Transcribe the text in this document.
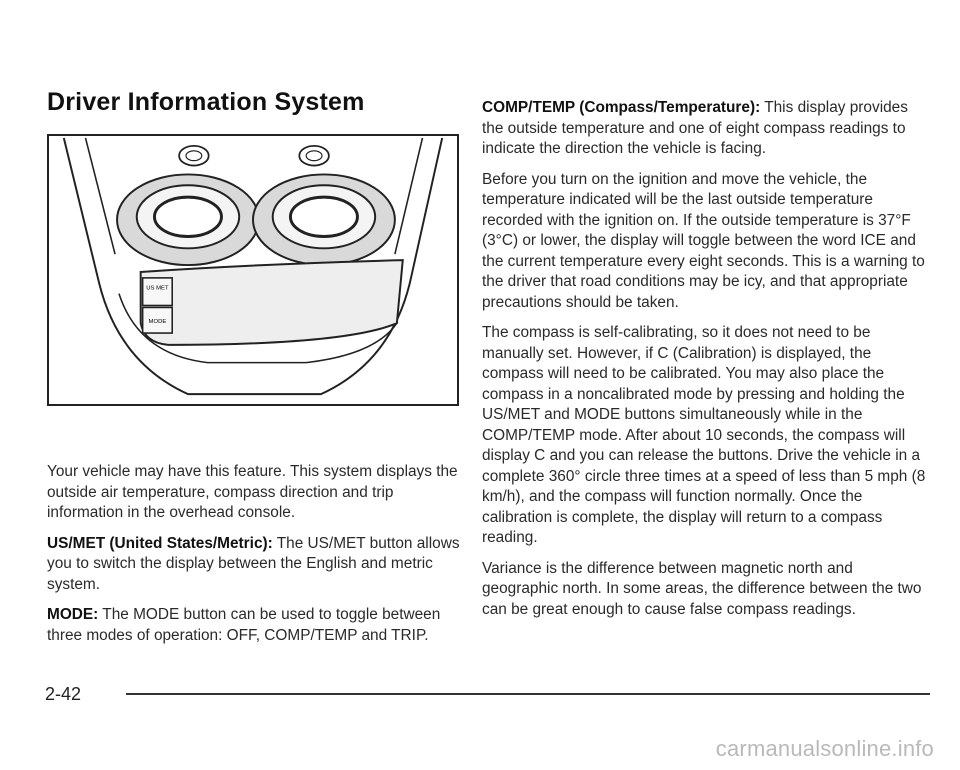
Driver Information System
US MET
MODE

Your vehicle may have this feature. This system displays the outside air temperature, compass direction and trip information in the overhead console.

US/MET (United States/Metric): The US/MET button allows you to switch the display between the English and metric system.

MODE: The MODE button can be used to toggle between three modes of operation: OFF, COMP/TEMP and TRIP.

COMP/TEMP (Compass/Temperature): This display provides the outside temperature and one of eight compass readings to indicate the direction the vehicle is facing.

Before you turn on the ignition and move the vehicle, the temperature indicated will be the last outside temperature recorded with the ignition on. If the outside temperature is 37°F (3°C) or lower, the display will toggle between the word ICE and the current temperature every eight seconds. This is a warning to the driver that road conditions may be icy, and that appropriate precautions should be taken.

The compass is self-calibrating, so it does not need to be manually set. However, if C (Calibration) is displayed, the compass will need to be calibrated. You may also place the compass in a noncalibrated mode by pressing and holding the US/MET and MODE buttons simultaneously while in the COMP/TEMP mode. After about 10 seconds, the compass will display C and you can release the buttons. Drive the vehicle in a complete 360° circle three times at a speed of less than 5 mph (8 km/h), and the compass will function normally. Once the calibration is complete, the display will return to a compass reading.

Variance is the difference between magnetic north and geographic north. In some areas, the difference between the two can be great enough to cause false compass readings.

2-42
carmanualsonline.info
